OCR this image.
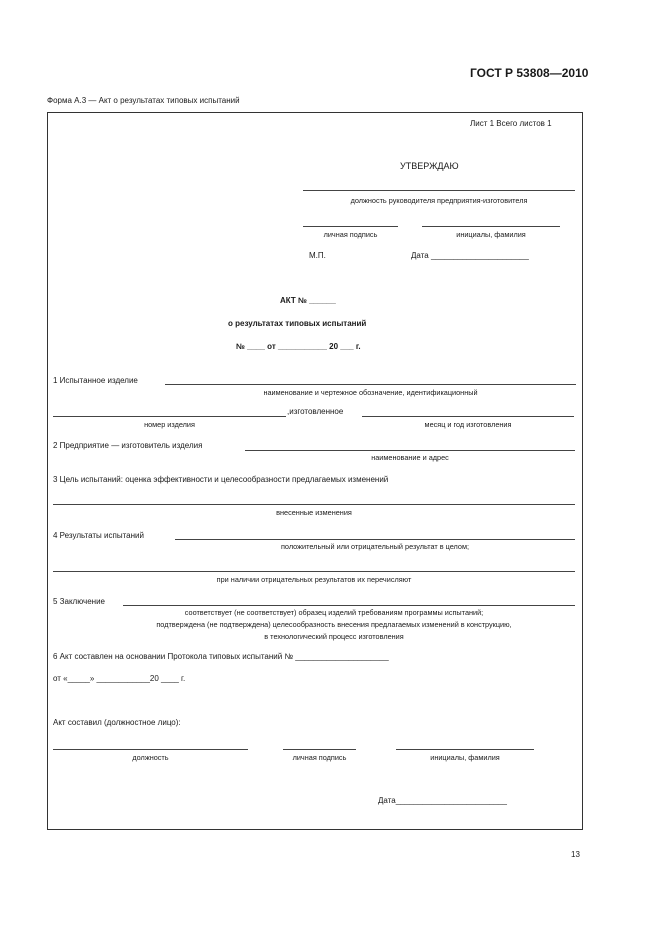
ГОСТ Р 53808—2010
Форма А.3 — Акт о результатах типовых испытаний
Лист 1 Всего листов 1
УТВЕРЖДАЮ
должность руководителя предприятия-изготовителя
личная подпись	инициалы, фамилия
М.П.	Дата ______________________
АКТ № ______
о результатах типовых испытаний
№ ____ от ___________ 20 ___ г.
1 Испытанное изделие
наименование и чертежное обозначение, идентификационный
,изготовленное
номер изделия	месяц и год изготовления
2 Предприятие — изготовитель изделия
наименование и адрес
3 Цель испытаний: оценка эффективности и целесообразности предлагаемых изменений
внесенные изменения
4 Результаты испытаний
положительный или отрицательный результат в целом;
при наличии отрицательных результатов их перечисляют
5 Заключение
соответствует (не соответствует) образец изделий требованиям программы испытаний;
подтверждена (не подтверждена) целесообразность внесения предлагаемых изменений в конструкцию,
в технологический процесс изготовления
6 Акт составлен на основании Протокола типовых испытаний № _____________________
от «_____» ____________20 ____ г.
Акт составил (должностное лицо):
должность	личная подпись	инициалы, фамилия
Дата_________________________
13
